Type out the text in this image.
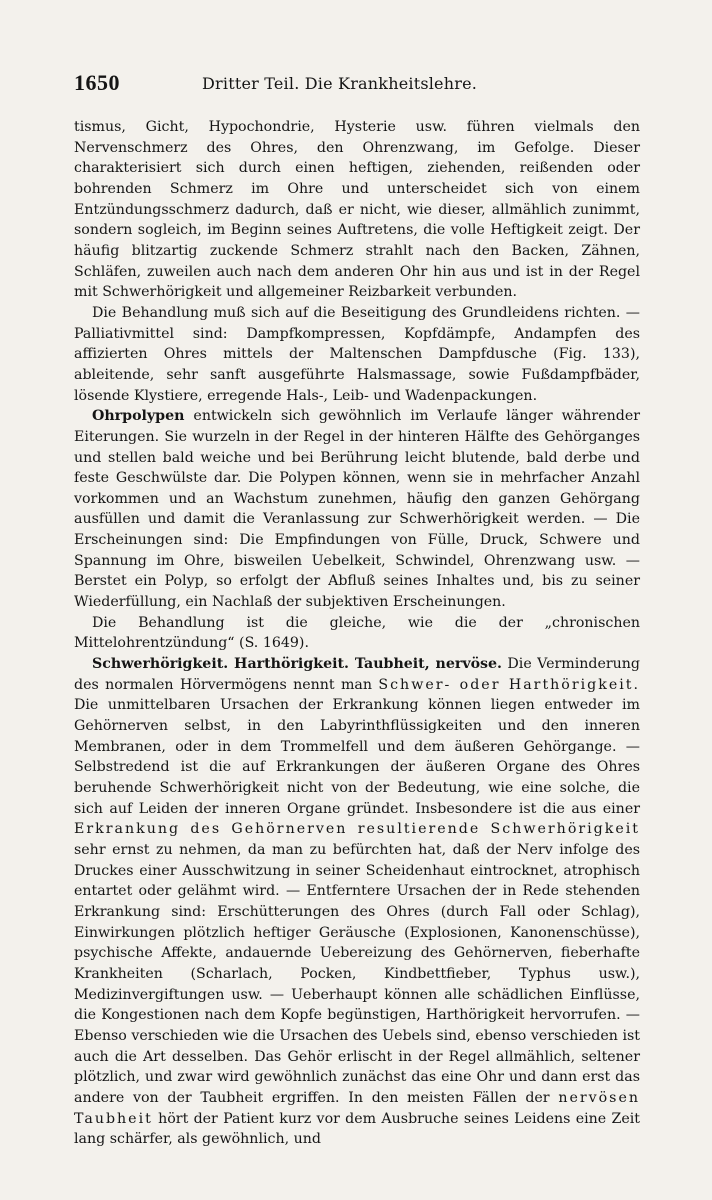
1650	Dritter Teil. Die Krankheitslehre.

tismus, Gicht, Hypochondrie, Hysterie usw. führen vielmals den Nervenschmerz des Ohres, den Ohrenzwang, im Gefolge. Dieser charakterisiert sich durch einen heftigen, ziehenden, reißenden oder bohrenden Schmerz im Ohre und unterscheidet sich von einem Entzündungsschmerz dadurch, daß er nicht, wie dieser, allmählich zunimmt, sondern sogleich, im Beginn seines Auftretens, die volle Heftigkeit zeigt. Der häufig blitzartig zuckende Schmerz strahlt nach den Backen, Zähnen, Schläfen, zuweilen auch nach dem anderen Ohr hin aus und ist in der Regel mit Schwerhörigkeit und allgemeiner Reizbarkeit verbunden.

Die Behandlung muß sich auf die Beseitigung des Grundleidens richten. — Palliativmittel sind: Dampfkompressen, Kopfdämpfe, Andampfen des affizierten Ohres mittels der Maltenschen Dampfdusche (Fig. 133), ableitende, sehr sanft ausgeführte Halsmassage, sowie Fußdampfbäder, lösende Klystiere, erregende Hals-, Leib- und Wadenpackungen.

Ohrpolypen entwickeln sich gewöhnlich im Verlaufe länger währender Eiterungen. Sie wurzeln in der Regel in der hinteren Hälfte des Gehörganges und stellen bald weiche und bei Berührung leicht blutende, bald derbe und feste Geschwülste dar. Die Polypen können, wenn sie in mehrfacher Anzahl vorkommen und an Wachstum zunehmen, häufig den ganzen Gehörgang ausfüllen und damit die Veranlassung zur Schwerhörigkeit werden. — Die Erscheinungen sind: Die Empfindungen von Fülle, Druck, Schwere und Spannung im Ohre, bisweilen Uebelkeit, Schwindel, Ohrenzwang usw. — Berstet ein Polyp, so erfolgt der Abfluß seines Inhaltes und, bis zu seiner Wiederfüllung, ein Nachlaß der subjektiven Erscheinungen.

Die Behandlung ist die gleiche, wie die der „chronischen Mittelohrentzündung“ (S. 1649).

Schwerhörigkeit. Harthörigkeit. Taubheit, nervöse. Die Verminderung des normalen Hörvermögens nennt man Schwer- oder Harthörigkeit. Die unmittelbaren Ursachen der Erkrankung können liegen entweder im Gehörnerven selbst, in den Labyrinthflüssigkeiten und den inneren Membranen, oder in dem Trommelfell und dem äußeren Gehörgange. — Selbstredend ist die auf Erkrankungen der äußeren Organe des Ohres beruhende Schwerhörigkeit nicht von der Bedeutung, wie eine solche, die sich auf Leiden der inneren Organe gründet. Insbesondere ist die aus einer Erkrankung des Gehörnerven resultierende Schwerhörigkeit sehr ernst zu nehmen, da man zu befürchten hat, daß der Nerv infolge des Druckes einer Ausschwitzung in seiner Scheidenhaut eintrocknet, atrophisch entartet oder gelähmt wird. — Entferntere Ursachen der in Rede stehenden Erkrankung sind: Erschütterungen des Ohres (durch Fall oder Schlag), Einwirkungen plötzlich heftiger Geräusche (Explosionen, Kanonenschüsse), psychische Affekte, andauernde Uebereizung des Gehörnerven, fieberhafte Krankheiten (Scharlach, Pocken, Kindbettfieber, Typhus usw.), Medizinvergiftungen usw. — Ueberhaupt können alle schädlichen Einflüsse, die Kongestionen nach dem Kopfe begünstigen, Harthörigkeit hervorrufen. — Ebenso verschieden wie die Ursachen des Uebels sind, ebenso verschieden ist auch die Art desselben. Das Gehör erlischt in der Regel allmählich, seltener plötzlich, und zwar wird gewöhnlich zunächst das eine Ohr und dann erst das andere von der Taubheit ergriffen. In den meisten Fällen der nervösen Taubheit hört der Patient kurz vor dem Ausbruche seines Leidens eine Zeit lang schärfer, als gewöhnlich, und
